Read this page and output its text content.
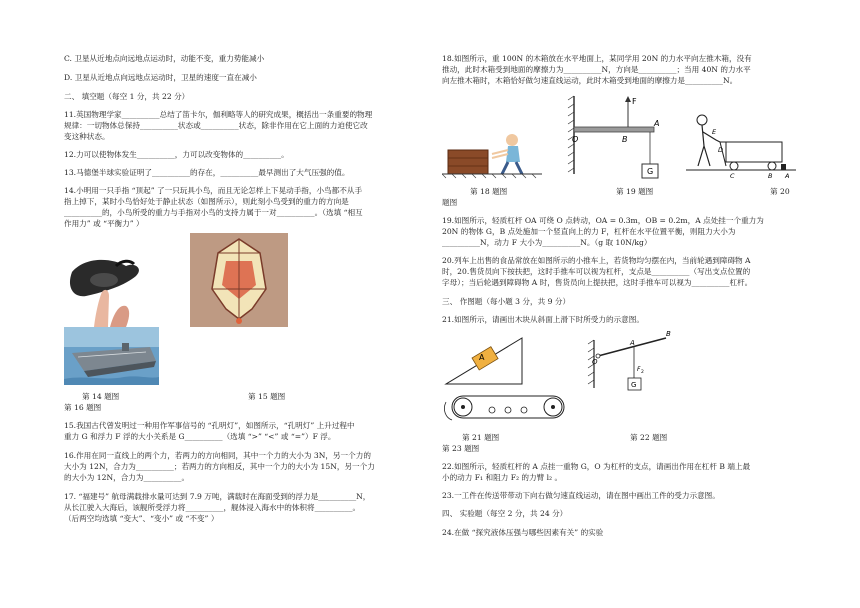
C. 卫星从近地点向远地点运动时，动能不变，重力势能减小
D. 卫星从近地点向远地点运动时，卫星的速度一直在减小
二、 填空题（每空 1 分，共 22 分）
11.英国物理学家__________总结了笛卡尔，伽利略等人的研究成果，概括出一条重要的物理
规律：一切物体总保持__________状态或__________状态，除非作用在它上面的力迫使它改
变这种状态。
12.力可以使物体发生__________，力可以改变物体的__________。
13.马德堡半球实验证明了__________的存在，__________最早测出了大气压强的值。
14.小明用一只手指 “顶起” 了一只玩具小鸟，而且无论怎样上下晃动手指，小鸟都不从手
指上掉下，某时小鸟恰好处于静止状态（如图所示），则此刻小鸟受到的重力的方向是
__________的，小鸟所受的重力与手指对小鸟的支持力属于一对__________。（选填 “相互
作用力” 或 “平衡力” ）
第 14 题图	第 15 题图
第 16 题图
15.我国古代曾发明过一种用作军事信号的 “孔明灯”，如图所示，“孔明灯” 上升过程中
重力 G 和浮力 F 浮的大小关系是 G__________（选填 “>” “<” 或 “=”）F 浮。
16.作用在同一直线上的两个力，若两力的方向相同，其中一个力的大小为 3N，另一个力的
大小为 12N，合力为__________；若两力的方向相反，其中一个力的大小为 15N，另一个力
的大小为 12N，合力为__________。
17. “福建号” 航母满载排水量可达到 7.9 万吨，满载时在海面受到的浮力是__________N，
从长江驶入大海后，该舰所受浮力将__________，舰体浸入海水中的体积将__________。
（后两空均选填 “变大”、“变小” 或 “不变” ）
18.如图所示，重 100N 的木箱放在水平地面上，某同学用 20N 的力水平向左推木箱，没有
推动，此时木箱受到地面的摩擦力为__________N，方向是__________；当用 40N 的力水平
向左推木箱时，木箱恰好做匀速直线运动，此时木箱受到地面的摩擦力是__________N。
第 18 题图
F
O	B
A
G
第 19 题图
E
D
C	B A
第 20
题图
19.如图所示，轻质杠杆 OA 可绕 O 点转动，OA = 0.3m，OB = 0.2m，A 点处挂一个重力为
20N 的物体 G，B 点处施加一个竖直向上的力 F，杠杆在水平位置平衡，则阻力大小为
__________N，动力 F 大小为__________N。（g 取 10N/kg）
20.列车上出售的食品常放在如图所示的小推车上，若货物均匀摆在内，当前轮遇到障碍物 A
时，20.售货员向下按扶把，这时手推车可以视为杠杆，支点是__________（写出支点位置的
字母）；当后轮遇到障碍物 A 时，售货员向上提扶把，这时手推车可以视为__________杠杆。
三、 作图题（每小题 3 分，共 9 分）
21.如图所示，请画出木块从斜面上滑下时所受力的示意图。
A
第 21 题图
O
B
A
F 2
G
第 22 题图
第 23 题图
22.如图所示，轻质杠杆的 A 点挂一重物 G，O 为杠杆的支点，请画出作用在杠杆 B 端上最
小的动力 F₁ 和阻力 F₂ 的力臂 l₂ 。
23.一工件在传送带带动下向右做匀速直线运动，请在图中画出工件的受力示意图。
四、 实验题（每空 2 分，共 24 分）
24.在做 “探究液体压强与哪些因素有关” 的实验
